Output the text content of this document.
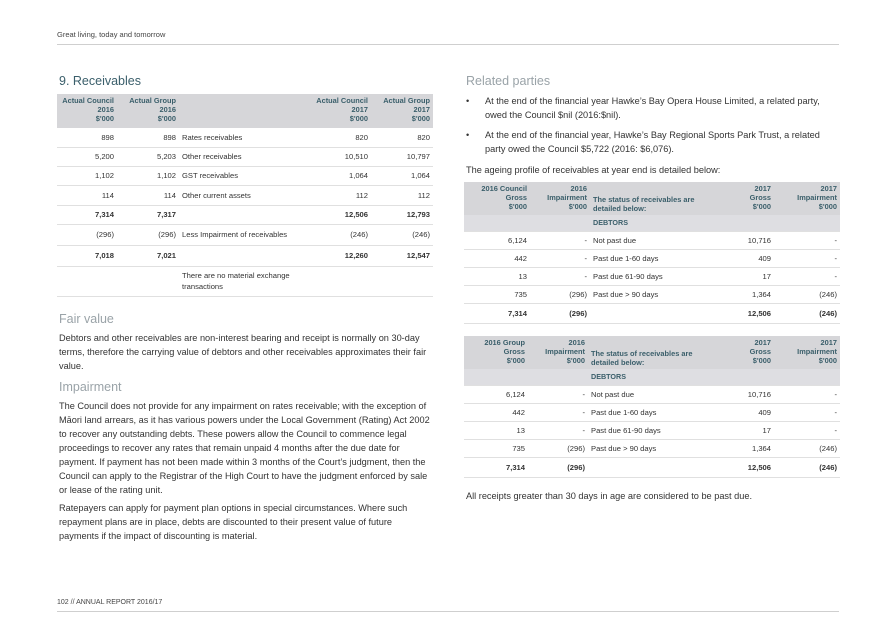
Great living, today and tomorrow
102 // ANNUAL REPORT 2016/17
9. Receivables
Actual Council
2016
$'000	Actual Group
2016
$'000		Actual Council
2017
$'000	Actual Group
2017
$'000
898	898	Rates receivables	820	820
5,200	5,203	Other receivables	10,510	10,797
1,102	1,102	GST receivables	1,064	1,064
114	114	Other current assets	112	112
7,314	7,317		12,506	12,793
(296)	(296)	Less Impairment of receivables	(246)	(246)
7,018	7,021		12,260	12,547
		There are no material exchange transactions		
Fair value
Debtors and other receivables are non-interest bearing and receipt is normally on 30-day terms, therefore the carrying value of debtors and other receivables approximates their fair value.
Impairment
The Council does not provide for any impairment on rates receivable; with the exception of Māori land arrears, as it has various powers under the Local Government (Rating) Act 2002 to recover any outstanding debts. These powers allow the Council to commence legal proceedings to recover any rates that remain unpaid 4 months after the due date for payment. If payment has not been made within 3 months of the Court’s judgment, then the Council can apply to the Registrar of the High Court to have the judgment enforced by sale or lease of the rating unit.
Ratepayers can apply for payment plan options in special circumstances. Where such repayment plans are in place, debts are discounted to their present value of future payments if the impact of discounting is material.
Related parties
• At the end of the financial year Hawke’s Bay Opera House Limited, a related party, owed the Council $nil (2016:$nil).
• At the end of the financial year, Hawke’s Bay Regional Sports Park Trust, a related party owed the Council $5,722 (2016: $6,076).
The ageing profile of receivables at year end is detailed below:
2016 Council
Gross
$'000	2016
Impairment
$'000	The status of receivables are
detailed below:	2017
Gross
$'000	2017
Impairment
$'000
		DEBTORS		
6,124	-	Not past due	10,716	-
442	-	Past due 1-60 days	409	-
13	-	Past due 61-90 days	17	-
735	(296)	Past due > 90 days	1,364	(246)
7,314	(296)		12,506	(246)
2016 Group
Gross
$'000	2016
Impairment
$'000	The status of receivables are
detailed below:	2017
Gross
$'000	2017
Impairment
$'000
		DEBTORS		
6,124	-	Not past due	10,716	-
442	-	Past due 1-60 days	409	-
13	-	Past due 61-90 days	17	-
735	(296)	Past due > 90 days	1,364	(246)
7,314	(296)		12,506	(246)
All receipts greater than 30 days in age are considered to be past due.
